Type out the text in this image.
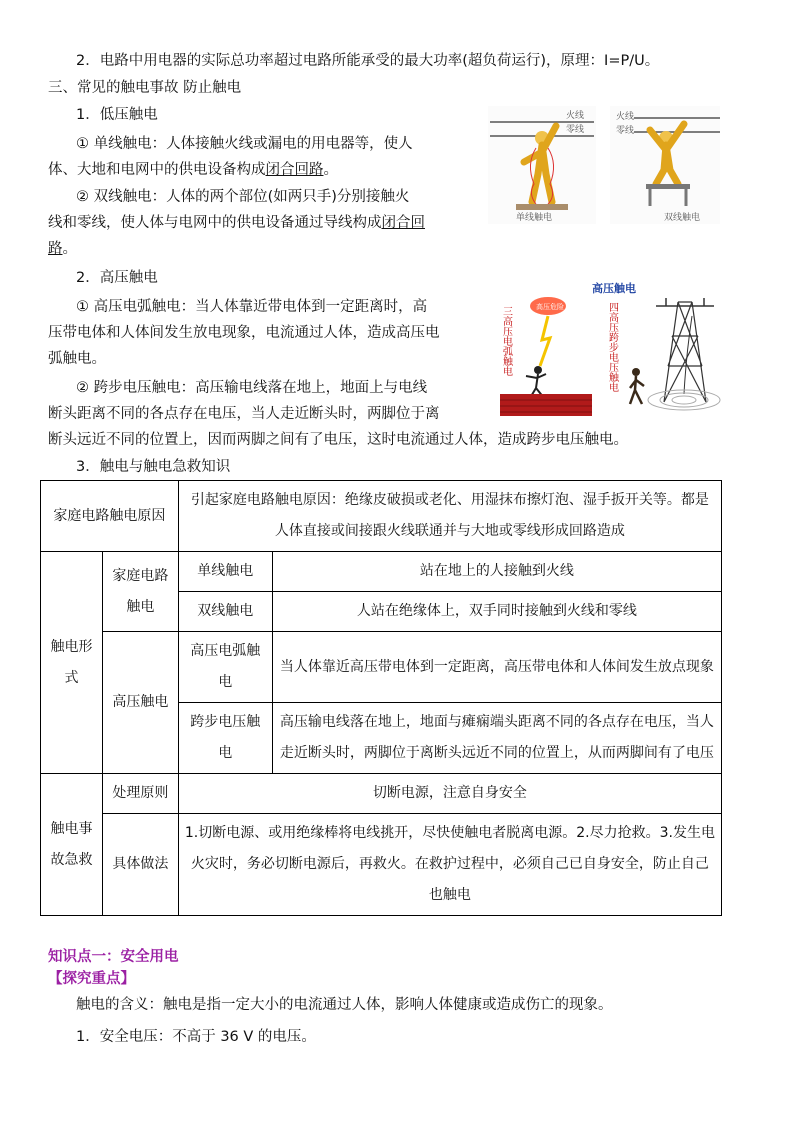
2．电路中用电器的实际总功率超过电路所能承受的最大功率(超负荷运行)，原理：I=P/U。
三、常见的触电事故 防止触电
1．低压触电
① 单线触电：人体接触火线或漏电的用电器等，使人
体、大地和电网中的供电设备构成闭合回路。
② 双线触电：人体的两个部位(如两只手)分别接触火
线和零线，使人体与电网中的供电设备通过导线构成闭合回
路。
火线
零线
单线触电
火线
零线
双线触电
2．高压触电
① 高压电弧触电：当人体靠近带电体到一定距离时，高
压带电体和人体间发生放电现象，电流通过人体，造成高压电
弧触电。
② 跨步电压触电：高压输电线落在地上，地面上与电线
断头距离不同的各点存在电压，当人走近断头时，两脚位于离
断头远近不同的位置上，因而两脚之间有了电压，这时电流通过人体，造成跨步电压触电。
高压触电
三高压电弧触电	高压危险	四高压跨步电压触电
3．触电与触电急救知识
家庭电路触电原因		引起家庭电路触电原因：绝缘皮破损或老化、用湿抹布擦灯泡、湿手扳开关等。都是人体直接或间接跟火线联通并与大地或零线形成回路造成	
触电形式	家庭电路触电	单线触电	站在地上的人接触到火线
		双线触电	人站在绝缘体上，双手同时接触到火线和零线
	高压触电	高压电弧触电	当人体靠近高压带电体到一定距离，高压带电体和人体间发生放点现象
		跨步电压触电	高压输电线落在地上，地面与瘫痫端头距离不同的各点存在电压，当人走近断头时，两脚位于离断头远近不同的位置上，从而两脚间有了电压
触电事故急救	处理原则	切断电源，注意自身安全	
	具体做法	1.切断电源、或用绝缘棒将电线挑开，尽快使触电者脱离电源。2.尽力抢救。3.发生电火灾时，务必切断电源后，再救火。在救护过程中，必须自己已自身安全，防止自己也触电	
知识点一：安全用电
【探究重点】
触电的含义：触电是指一定大小的电流通过人体，影响人体健康或造成伤亡的现象。
1．安全电压：不高于 36 V 的电压。
